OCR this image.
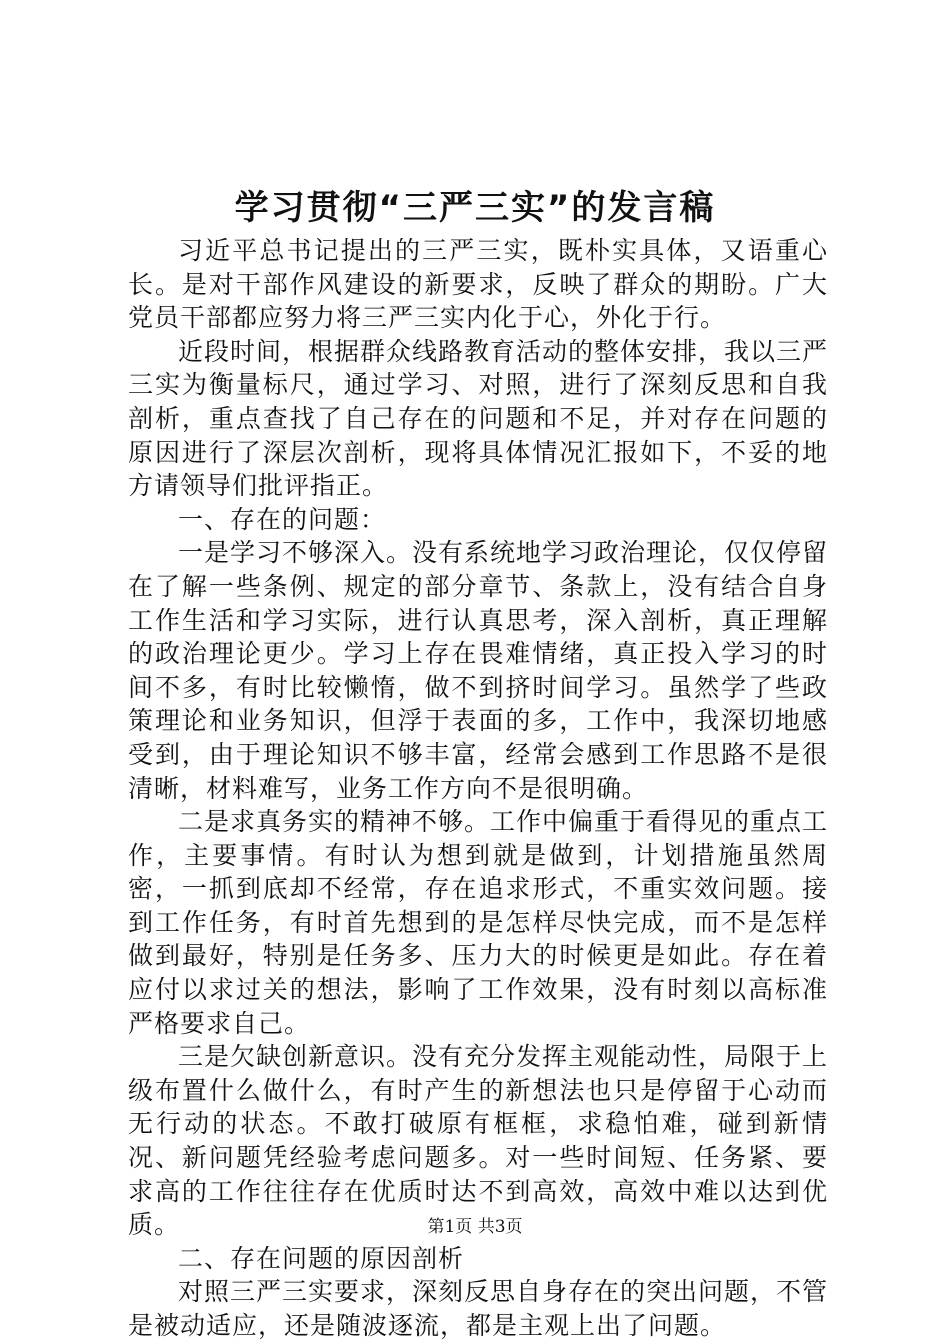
学习贯彻“三严三实”的发言稿

习近平总书记提出的三严三实，既朴实具体，又语重心长。是对干部作风建设的新要求，反映了群众的期盼。广大党员干部都应努力将三严三实内化于心，外化于行。

近段时间，根据群众线路教育活动的整体安排，我以三严三实为衡量标尺，通过学习、对照，进行了深刻反思和自我剖析，重点查找了自己存在的问题和不足，并对存在问题的原因进行了深层次剖析，现将具体情况汇报如下，不妥的地方请领导们批评指正。

一、存在的问题：

一是学习不够深入。没有系统地学习政治理论，仅仅停留在了解一些条例、规定的部分章节、条款上，没有结合自身工作生活和学习实际，进行认真思考，深入剖析，真正理解的政治理论更少。学习上存在畏难情绪，真正投入学习的时间不多，有时比较懒惰，做不到挤时间学习。虽然学了些政策理论和业务知识，但浮于表面的多，工作中，我深切地感受到，由于理论知识不够丰富，经常会感到工作思路不是很清晰，材料难写，业务工作方向不是很明确。

二是求真务实的精神不够。工作中偏重于看得见的重点工作，主要事情。有时认为想到就是做到，计划措施虽然周密，一抓到底却不经常，存在追求形式，不重实效问题。接到工作任务，有时首先想到的是怎样尽快完成，而不是怎样做到最好，特别是任务多、压力大的时候更是如此。存在着应付以求过关的想法，影响了工作效果，没有时刻以高标准严格要求自己。

三是欠缺创新意识。没有充分发挥主观能动性，局限于上级布置什么做什么，有时产生的新想法也只是停留于心动而无行动的状态。不敢打破原有框框，求稳怕难，碰到新情况、新问题凭经验考虑问题多。对一些时间短、任务紧、要求高的工作往往存在优质时达不到高效，高效中难以达到优质。

二、存在问题的原因剖析

对照三严三实要求，深刻反思自身存在的突出问题，不管是被动适应，还是随波逐流，都是主观上出了问题。

第1页 共3页
